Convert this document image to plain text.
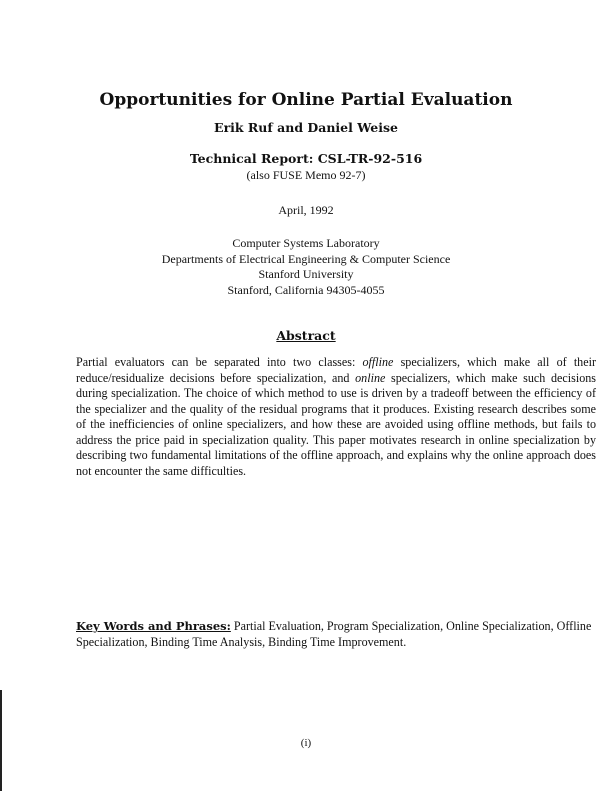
Opportunities for Online Partial Evaluation
Erik Ruf and Daniel Weise
Technical Report: CSL-TR-92-516
(also FUSE Memo 92-7)
April, 1992
Computer Systems Laboratory
Departments of Electrical Engineering & Computer Science
Stanford University
Stanford, California 94305-4055
Abstract
Partial evaluators can be separated into two classes: offline specializers, which make all of their reduce/residualize decisions before specialization, and online specializers, which make such decisions during specialization. The choice of which method to use is driven by a tradeoff between the efficiency of the specializer and the quality of the residual programs that it produces. Existing research describes some of the inefficiencies of online specializers, and how these are avoided using offline methods, but fails to address the price paid in specialization quality. This paper motivates research in online specialization by describing two fundamental limitations of the offline approach, and explains why the online approach does not encounter the same difficulties.
Key Words and Phrases: Partial Evaluation, Program Specialization, Online Specialization, Offline Specialization, Binding Time Analysis, Binding Time Improvement.
(i)
